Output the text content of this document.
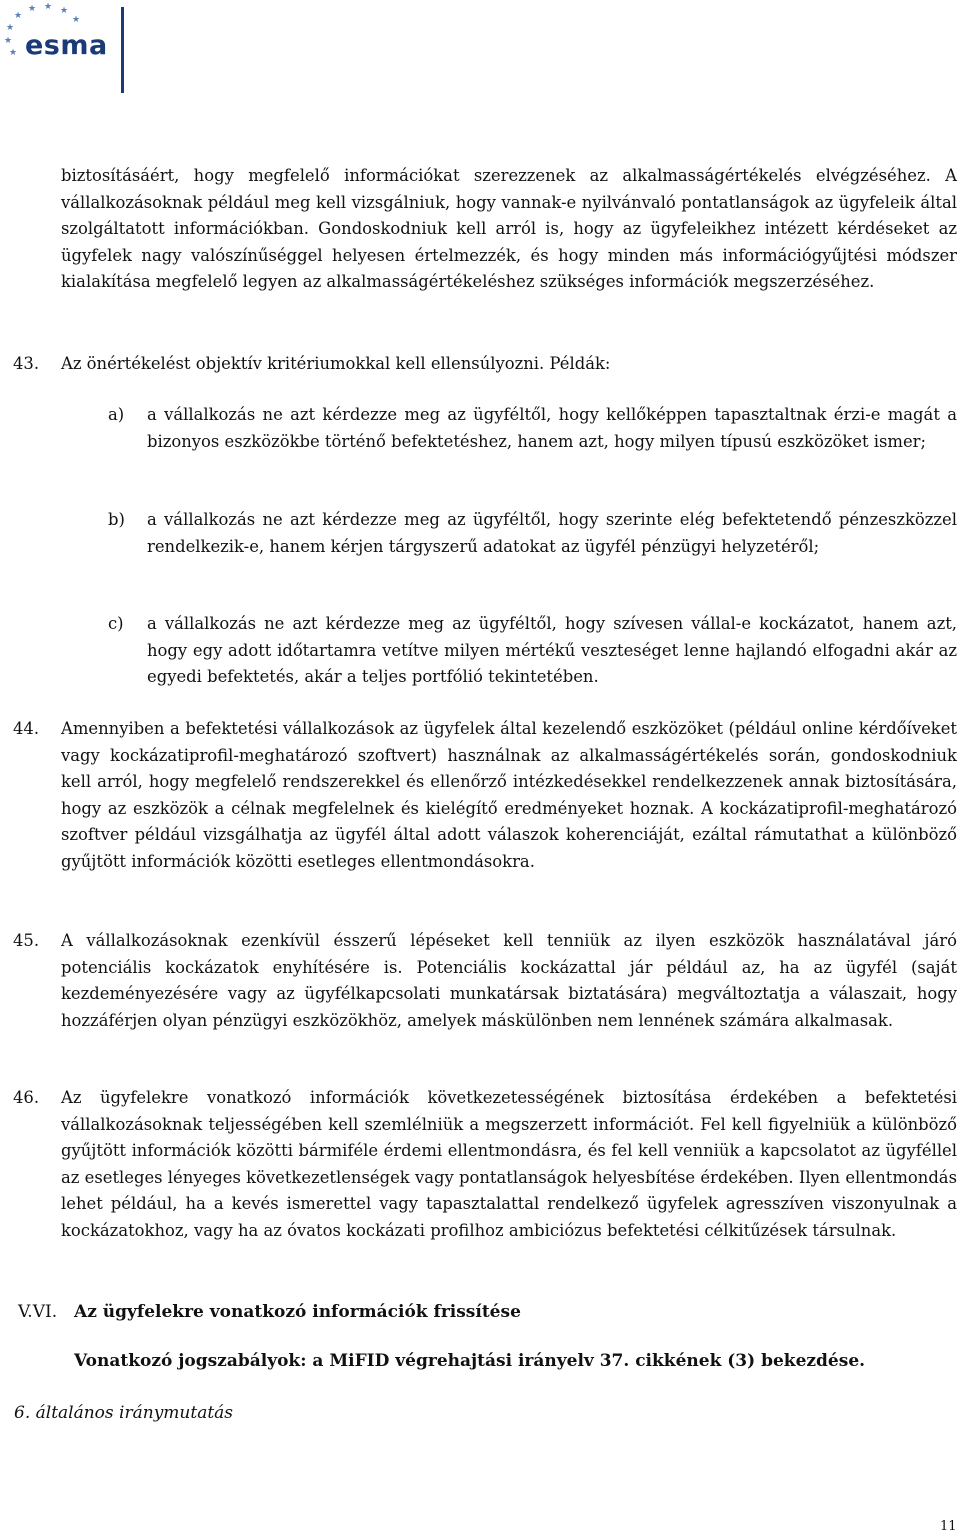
★
★ ★ ★
★
★
★
★ esma
biztosításáért, hogy megfelelő információkat szerezzenek az alkalmasságértékelés elvégzéséhez. A vállalkozásoknak például meg kell vizsgálniuk, hogy vannak-e nyilvánvaló pontatlanságok az ügyfeleik által szolgáltatott információkban. Gondoskodniuk kell arról is, hogy az ügyfeleikhez intézett kérdéseket az ügyfelek nagy valószínűséggel helyesen értelmezzék, és hogy minden más információgyűjtési módszer kialakítása megfelelő legyen az alkalmasságértékeléshez szükséges információk megszerzéséhez.
43. Az önértékelést objektív kritériumokkal kell ellensúlyozni. Példák:
a) a vállalkozás ne azt kérdezze meg az ügyféltől, hogy kellőképpen tapasztaltnak érzi-e magát a bizonyos eszközökbe történő befektetéshez, hanem azt, hogy milyen típusú eszközöket ismer;
b) a vállalkozás ne azt kérdezze meg az ügyféltől, hogy szerinte elég befektetendő pénzeszközzel rendelkezik-e, hanem kérjen tárgyszerű adatokat az ügyfél pénzügyi helyzetéről;
c) a vállalkozás ne azt kérdezze meg az ügyféltől, hogy szívesen vállal-e kockázatot, hanem azt, hogy egy adott időtartamra vetítve milyen mértékű veszteséget lenne hajlandó elfogadni akár az egyedi befektetés, akár a teljes portfólió tekintetében.
44. Amennyiben a befektetési vállalkozások az ügyfelek által kezelendő eszközöket (például online kérdőíveket vagy kockázatiprofil-meghatározó szoftvert) használnak az alkalmasságértékelés során, gondoskodniuk kell arról, hogy megfelelő rendszerekkel és ellenőrző intézkedésekkel rendelkezzenek annak biztosítására, hogy az eszközök a célnak megfelelnek és kielégítő eredményeket hoznak. A kockázatiprofil-meghatározó szoftver például vizsgálhatja az ügyfél által adott válaszok koherenciáját, ezáltal rámutathat a különböző gyűjtött információk közötti esetleges ellentmondásokra.
45. A vállalkozásoknak ezenkívül ésszerű lépéseket kell tenniük az ilyen eszközök használatával járó potenciális kockázatok enyhítésére is. Potenciális kockázattal jár például az, ha az ügyfél (saját kezdeményezésére vagy az ügyfélkapcsolati munkatársak biztatására) megváltoztatja a válaszait, hogy hozzáférjen olyan pénzügyi eszközökhöz, amelyek máskülönben nem lennének számára alkalmasak.
46. Az ügyfelekre vonatkozó információk következetességének biztosítása érdekében a befektetési vállalkozásoknak teljességében kell szemlélniük a megszerzett információt. Fel kell figyelniük a különböző gyűjtött információk közötti bármiféle érdemi ellentmondásra, és fel kell venniük a kapcsolatot az ügyféllel az esetleges lényeges következetlenségek vagy pontatlanságok helyesbítése érdekében. Ilyen ellentmondás lehet például, ha a kevés ismerettel vagy tapasztalattal rendelkező ügyfelek agresszíven viszonyulnak a kockázatokhoz, vagy ha az óvatos kockázati profilhoz ambiciózus befektetési célkitűzések társulnak.
V.VI. Az ügyfelekre vonatkozó információk frissítése
Vonatkozó jogszabályok: a MiFID végrehajtási irányelv 37. cikkének (3) bekezdése.
6. általános iránymutatás
11
